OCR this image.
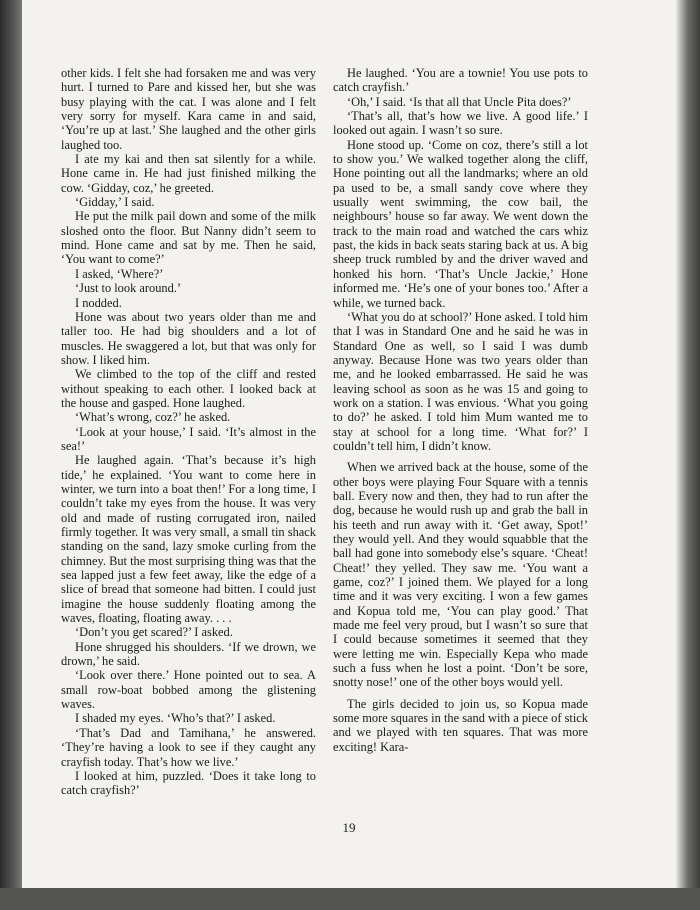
other kids. I felt she had forsaken me and was very hurt. I turned to Pare and kissed her, but she was busy playing with the cat. I was alone and I felt very sorry for myself. Kara came in and said, ‘You’re up at last.’ She laughed and the other girls laughed too.

I ate my kai and then sat silently for a while. Hone came in. He had just finished milking the cow. ‘Gidday, coz,’ he greeted.

‘Gidday,’ I said.

He put the milk pail down and some of the milk sloshed onto the floor. But Nanny didn’t seem to mind. Hone came and sat by me. Then he said, ‘You want to come?’

I asked, ‘Where?’

‘Just to look around.’

I nodded.

Hone was about two years older than me and taller too. He had big shoulders and a lot of muscles. He swaggered a lot, but that was only for show. I liked him.

We climbed to the top of the cliff and rested without speaking to each other. I looked back at the house and gasped. Hone laughed.

‘What’s wrong, coz?’ he asked.

‘Look at your house,’ I said. ‘It’s almost in the sea!’

He laughed again. ‘That’s because it’s high tide,’ he explained. ‘You want to come here in winter, we turn into a boat then!’ For a long time, I couldn’t take my eyes from the house. It was very old and made of rusting corrugated iron, nailed firmly together. It was very small, a small tin shack standing on the sand, lazy smoke curling from the chimney. But the most surprising thing was that the sea lapped just a few feet away, like the edge of a slice of bread that someone had bitten. I could just imagine the house suddenly floating among the waves, floating, floating away. . . .

‘Don’t you get scared?’ I asked.

Hone shrugged his shoulders. ‘If we drown, we drown,’ he said.

‘Look over there.’ Hone pointed out to sea. A small row-boat bobbed among the glistening waves.

I shaded my eyes. ‘Who’s that?’ I asked.

‘That’s Dad and Tamihana,’ he answered. ‘They’re having a look to see if they caught any crayfish today. That’s how we live.’

I looked at him, puzzled. ‘Does it take long to catch crayfish?’

He laughed. ‘You are a townie! You use pots to catch crayfish.’

‘Oh,’ I said. ‘Is that all that Uncle Pita does?’

‘That’s all, that’s how we live. A good life.’ I looked out again. I wasn’t so sure.

Hone stood up. ‘Come on coz, there’s still a lot to show you.’ We walked together along the cliff, Hone pointing out all the landmarks; where an old pa used to be, a small sandy cove where they usually went swimming, the cow bail, the neighbours’ house so far away. We went down the track to the main road and watched the cars whiz past, the kids in back seats staring back at us. A big sheep truck rumbled by and the driver waved and honked his horn. ‘That’s Uncle Jackie,’ Hone informed me. ‘He’s one of your bones too.’ After a while, we turned back.

‘What you do at school?’ Hone asked. I told him that I was in Standard One and he said he was in Standard One as well, so I said I was dumb anyway. Because Hone was two years older than me, and he looked embarrassed. He said he was leaving school as soon as he was 15 and going to work on a station. I was envious. ‘What you going to do?’ he asked. I told him Mum wanted me to stay at school for a long time. ‘What for?’ I couldn’t tell him, I didn’t know.

When we arrived back at the house, some of the other boys were playing Four Square with a tennis ball. Every now and then, they had to run after the dog, because he would rush up and grab the ball in his teeth and run away with it. ‘Get away, Spot!’ they would yell. And they would squabble that the ball had gone into somebody else’s square. ‘Cheat! Cheat!’ they yelled. They saw me. ‘You want a game, coz?’ I joined them. We played for a long time and it was very exciting. I won a few games and Kopua told me, ‘You can play good.’ That made me feel very proud, but I wasn’t so sure that I could because sometimes it seemed that they were letting me win. Especially Kepa who made such a fuss when he lost a point. ‘Don’t be sore, snotty nose!’ one of the other boys would yell.

The girls decided to join us, so Kopua made some more squares in the sand with a piece of stick and we played with ten squares. That was more exciting! Kara-

19
